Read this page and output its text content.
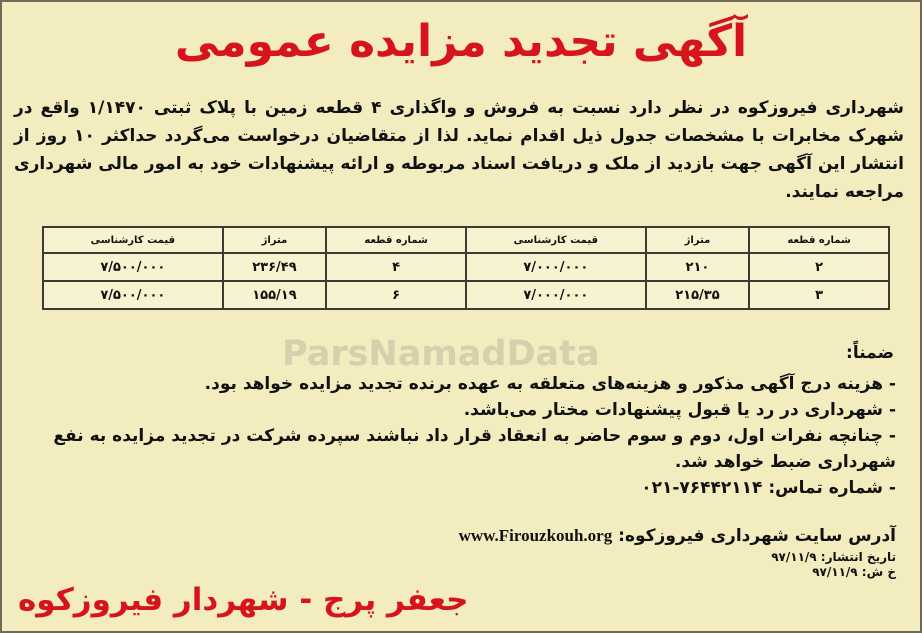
آگهی تجدید مزایده عمومی
شهرداری فیروزکوه در نظر دارد نسبت به فروش و واگذاری ۴ قطعه زمین با پلاک ثبتی ۱/۱۴۷۰ واقع در شهرک مخابرات با مشخصات جدول ذیل اقدام نماید. لذا از متقاضیان درخواست می‌گردد حداکثر ۱۰ روز از انتشار این آگهی جهت بازدید از ملک و دریافت اسناد مربوطه و ارائه پیشنهادات خود به امور مالی شهرداری مراجعه نمایند.
ParsNamadData
شماره قطعه	متراژ	قیمت کارشناسی	شماره قطعه	متراژ	قیمت کارشناسی
۲	۲۱۰	۷/۰۰۰/۰۰۰	۴	۲۳۶/۴۹	۷/۵۰۰/۰۰۰
۳	۲۱۵/۳۵	۷/۰۰۰/۰۰۰	۶	۱۵۵/۱۹	۷/۵۰۰/۰۰۰
ضمناً:
- هزینه درج آگهی مذکور و هزینه‌های متعلقه به عهده برنده تجدید مزایده خواهد بود.
- شهرداری در رد یا قبول پیشنهادات مختار می‌باشد.
- چنانچه نفرات اول، دوم و سوم حاضر به انعقاد قرار داد نباشند سپرده شرکت در تجدید مزایده به نفع شهرداری ضبط خواهد شد.
- شماره تماس: ۷۶۴۴۲۱۱۴-۰۲۱
آدرس سایت شهرداری فیروزکوه: www.Firouzkouh.org
تاریخ انتشار: ۹۷/۱۱/۹
خ ش: ۹۷/۱۱/۹
جعفر پرج - شهردار فیروزکوه
